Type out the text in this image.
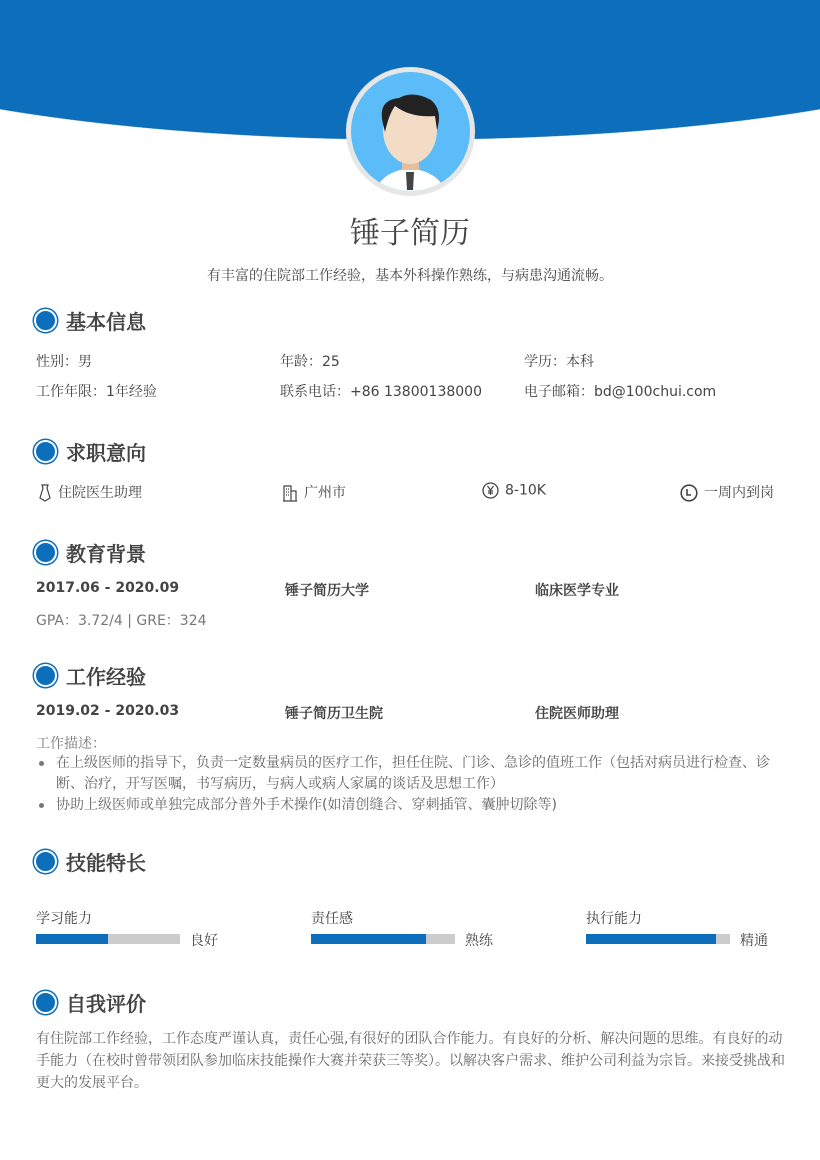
锤子简历
有丰富的住院部工作经验，基本外科操作熟练，与病患沟通流畅。
基本信息
性别：男	年龄：25	学历：本科
工作年限：1年经验	联系电话：+86 13800138000	电子邮箱：bd@100chui.com
求职意向
住院医生助理	广州市	8-10K	一周内到岗
教育背景
2017.06 - 2020.09	锤子简历大学	临床医学专业
GPA：3.72/4 | GRE：324
工作经验
2019.02 - 2020.03	锤子简历卫生院	住院医师助理
工作描述：
在上级医师的指导下，负责一定数量病员的医疗工作，担任住院、门诊、急诊的值班工作（包括对病员进行检查、诊断、治疗，开写医嘱，书写病历，与病人或病人家属的谈话及思想工作）
协助上级医师或单独完成部分普外手术操作(如清创缝合、穿刺插管、囊肿切除等)
技能特长
学习能力
良好
责任感
熟练
执行能力
精通
自我评价
有住院部工作经验，工作态度严谨认真，责任心强,有很好的团队合作能力。有良好的分析、解决问题的思维。有良好的动手能力（在校时曾带领团队参加临床技能操作大赛并荣获三等奖）。以解决客户需求、维护公司利益为宗旨。来接受挑战和更大的发展平台。
